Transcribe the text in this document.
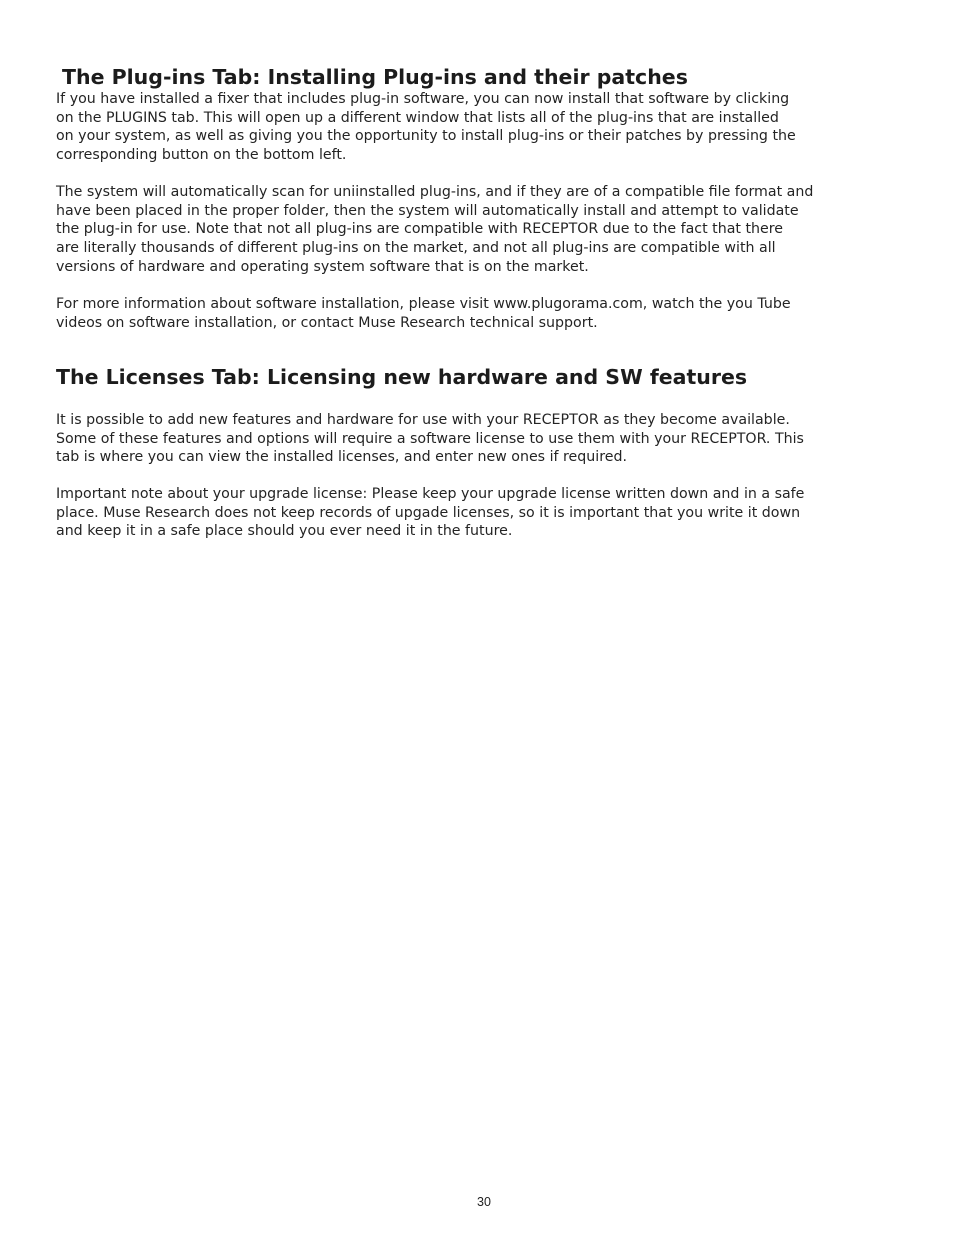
The Plug-ins Tab: Installing Plug-ins and their patches

If you have installed a fixer that includes plug-in software, you can now install that software by clicking
on the PLUGINS tab. This will open up a different window that lists all of the plug-ins that are installed
on your system, as well as giving you the opportunity to install plug-ins or their patches by pressing the
corresponding button on the bottom left.

The system will automatically scan for uniinstalled plug-ins, and if they are of a compatible file format and
have been placed in the proper folder, then the system will automatically install and attempt to validate
the plug-in for use. Note that not all plug-ins are compatible with RECEPTOR due to the fact that there
are literally thousands of different plug-ins on the market, and not all plug-ins are compatible with all
versions of hardware and operating system software that is on the market.

For more information about software installation, please visit www.plugorama.com, watch the you Tube
videos on software installation, or contact Muse Research technical support.

The Licenses Tab: Licensing new hardware and SW features

It is possible to add new features and hardware for use with your RECEPTOR as they become available.
Some of these features and options will require a software license to use them with your RECEPTOR. This
tab is where you can view the installed licenses, and enter new ones if required.

Important note about your upgrade license: Please keep your upgrade license written down and in a safe
place. Muse Research does not keep records of upgade licenses, so it is important that you write it down
and keep it in a safe place should you ever need it in the future.

30
